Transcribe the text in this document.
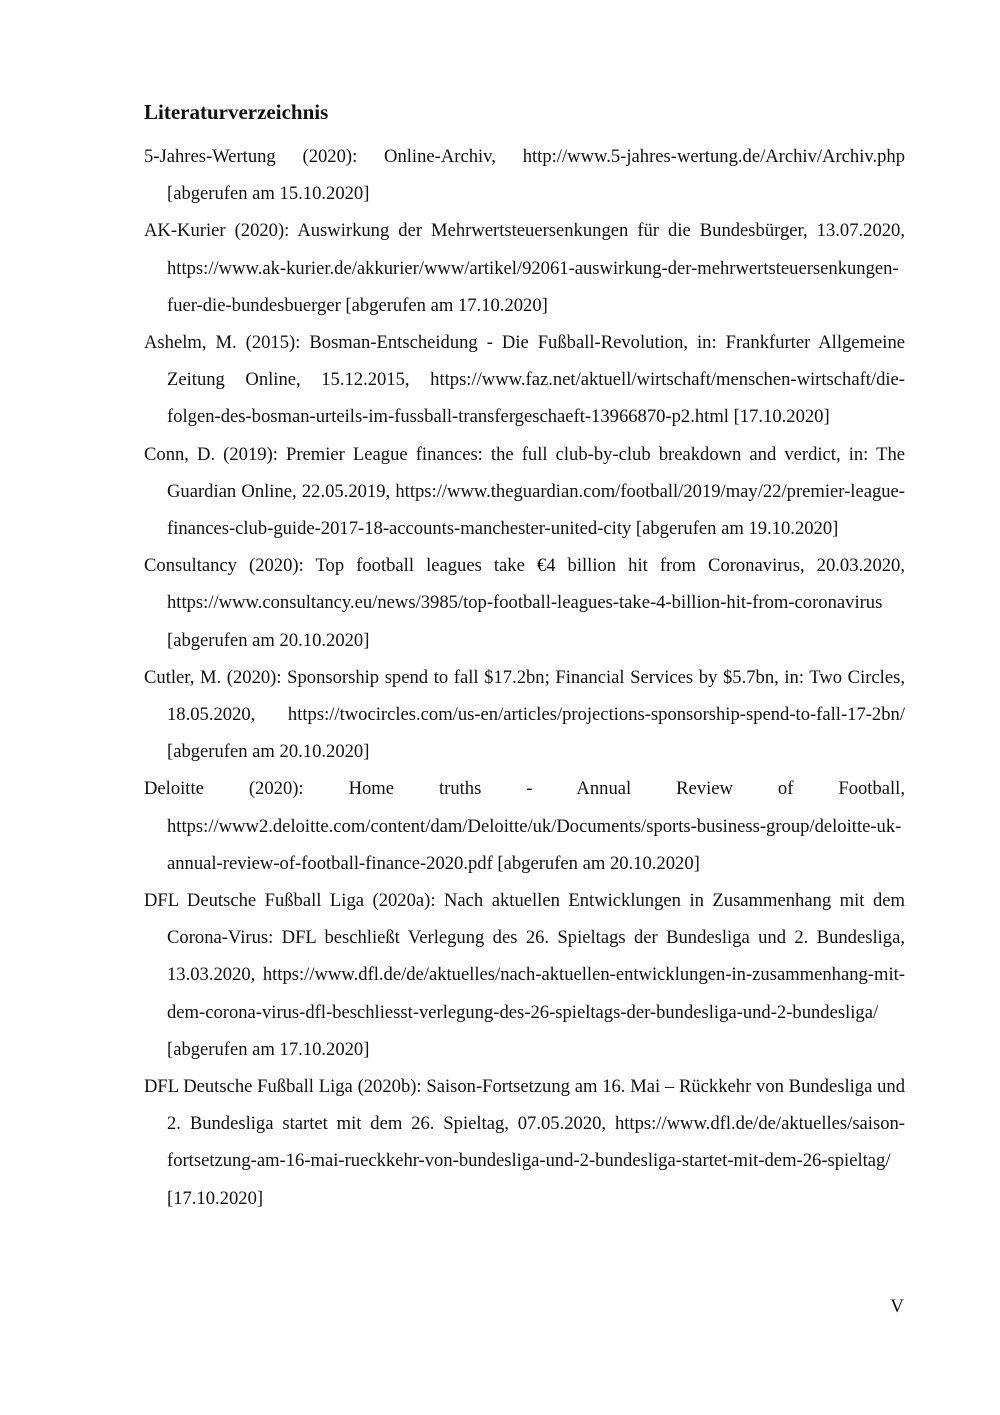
Literaturverzeichnis
5-Jahres-Wertung (2020): Online-Archiv, http://www.5-jahres-wertung.de/Archiv/Archiv.php [abgerufen am 15.10.2020]
AK-Kurier (2020): Auswirkung der Mehrwertsteuersenkungen für die Bundesbürger, 13.07.2020, https://www.ak-kurier.de/akkurier/www/artikel/92061-auswirkung-der-mehrwertsteuersenkungen-fuer-die-bundesbuerger [abgerufen am 17.10.2020]
Ashelm, M. (2015): Bosman-Entscheidung - Die Fußball-Revolution, in: Frankfurter Allgemeine Zeitung Online, 15.12.2015, https://www.faz.net/aktuell/wirtschaft/menschen-wirtschaft/die-folgen-des-bosman-urteils-im-fussball-transfergeschaeft-13966870-p2.html [17.10.2020]
Conn, D. (2019): Premier League finances: the full club-by-club breakdown and verdict, in: The Guardian Online, 22.05.2019, https://www.theguardian.com/football/2019/may/22/premier-league-finances-club-guide-2017-18-accounts-manchester-united-city [abgerufen am 19.10.2020]
Consultancy (2020): Top football leagues take €4 billion hit from Coronavirus, 20.03.2020, https://www.consultancy.eu/news/3985/top-football-leagues-take-4-billion-hit-from-coronavirus [abgerufen am 20.10.2020]
Cutler, M. (2020): Sponsorship spend to fall $17.2bn; Financial Services by $5.7bn, in: Two Circles, 18.05.2020, https://twocircles.com/us-en/articles/projections-sponsorship-spend-to-fall-17-2bn/ [abgerufen am 20.10.2020]
Deloitte (2020): Home truths - Annual Review of Football, https://www2.deloitte.com/content/dam/Deloitte/uk/Documents/sports-business-group/deloitte-uk-annual-review-of-football-finance-2020.pdf [abgerufen am 20.10.2020]
DFL Deutsche Fußball Liga (2020a): Nach aktuellen Entwicklungen in Zusammenhang mit dem Corona-Virus: DFL beschließt Verlegung des 26. Spieltags der Bundesliga und 2. Bundesliga, 13.03.2020, https://www.dfl.de/de/aktuelles/nach-aktuellen-entwicklungen-in-zusammenhang-mit-dem-corona-virus-dfl-beschliesst-verlegung-des-26-spieltags-der-bundesliga-und-2-bundesliga/ [abgerufen am 17.10.2020]
DFL Deutsche Fußball Liga (2020b): Saison-Fortsetzung am 16. Mai – Rückkehr von Bundesliga und 2. Bundesliga startet mit dem 26. Spieltag, 07.05.2020, https://www.dfl.de/de/aktuelles/saison-fortsetzung-am-16-mai-rueckkehr-von-bundesliga-und-2-bundesliga-startet-mit-dem-26-spieltag/ [17.10.2020]
V
